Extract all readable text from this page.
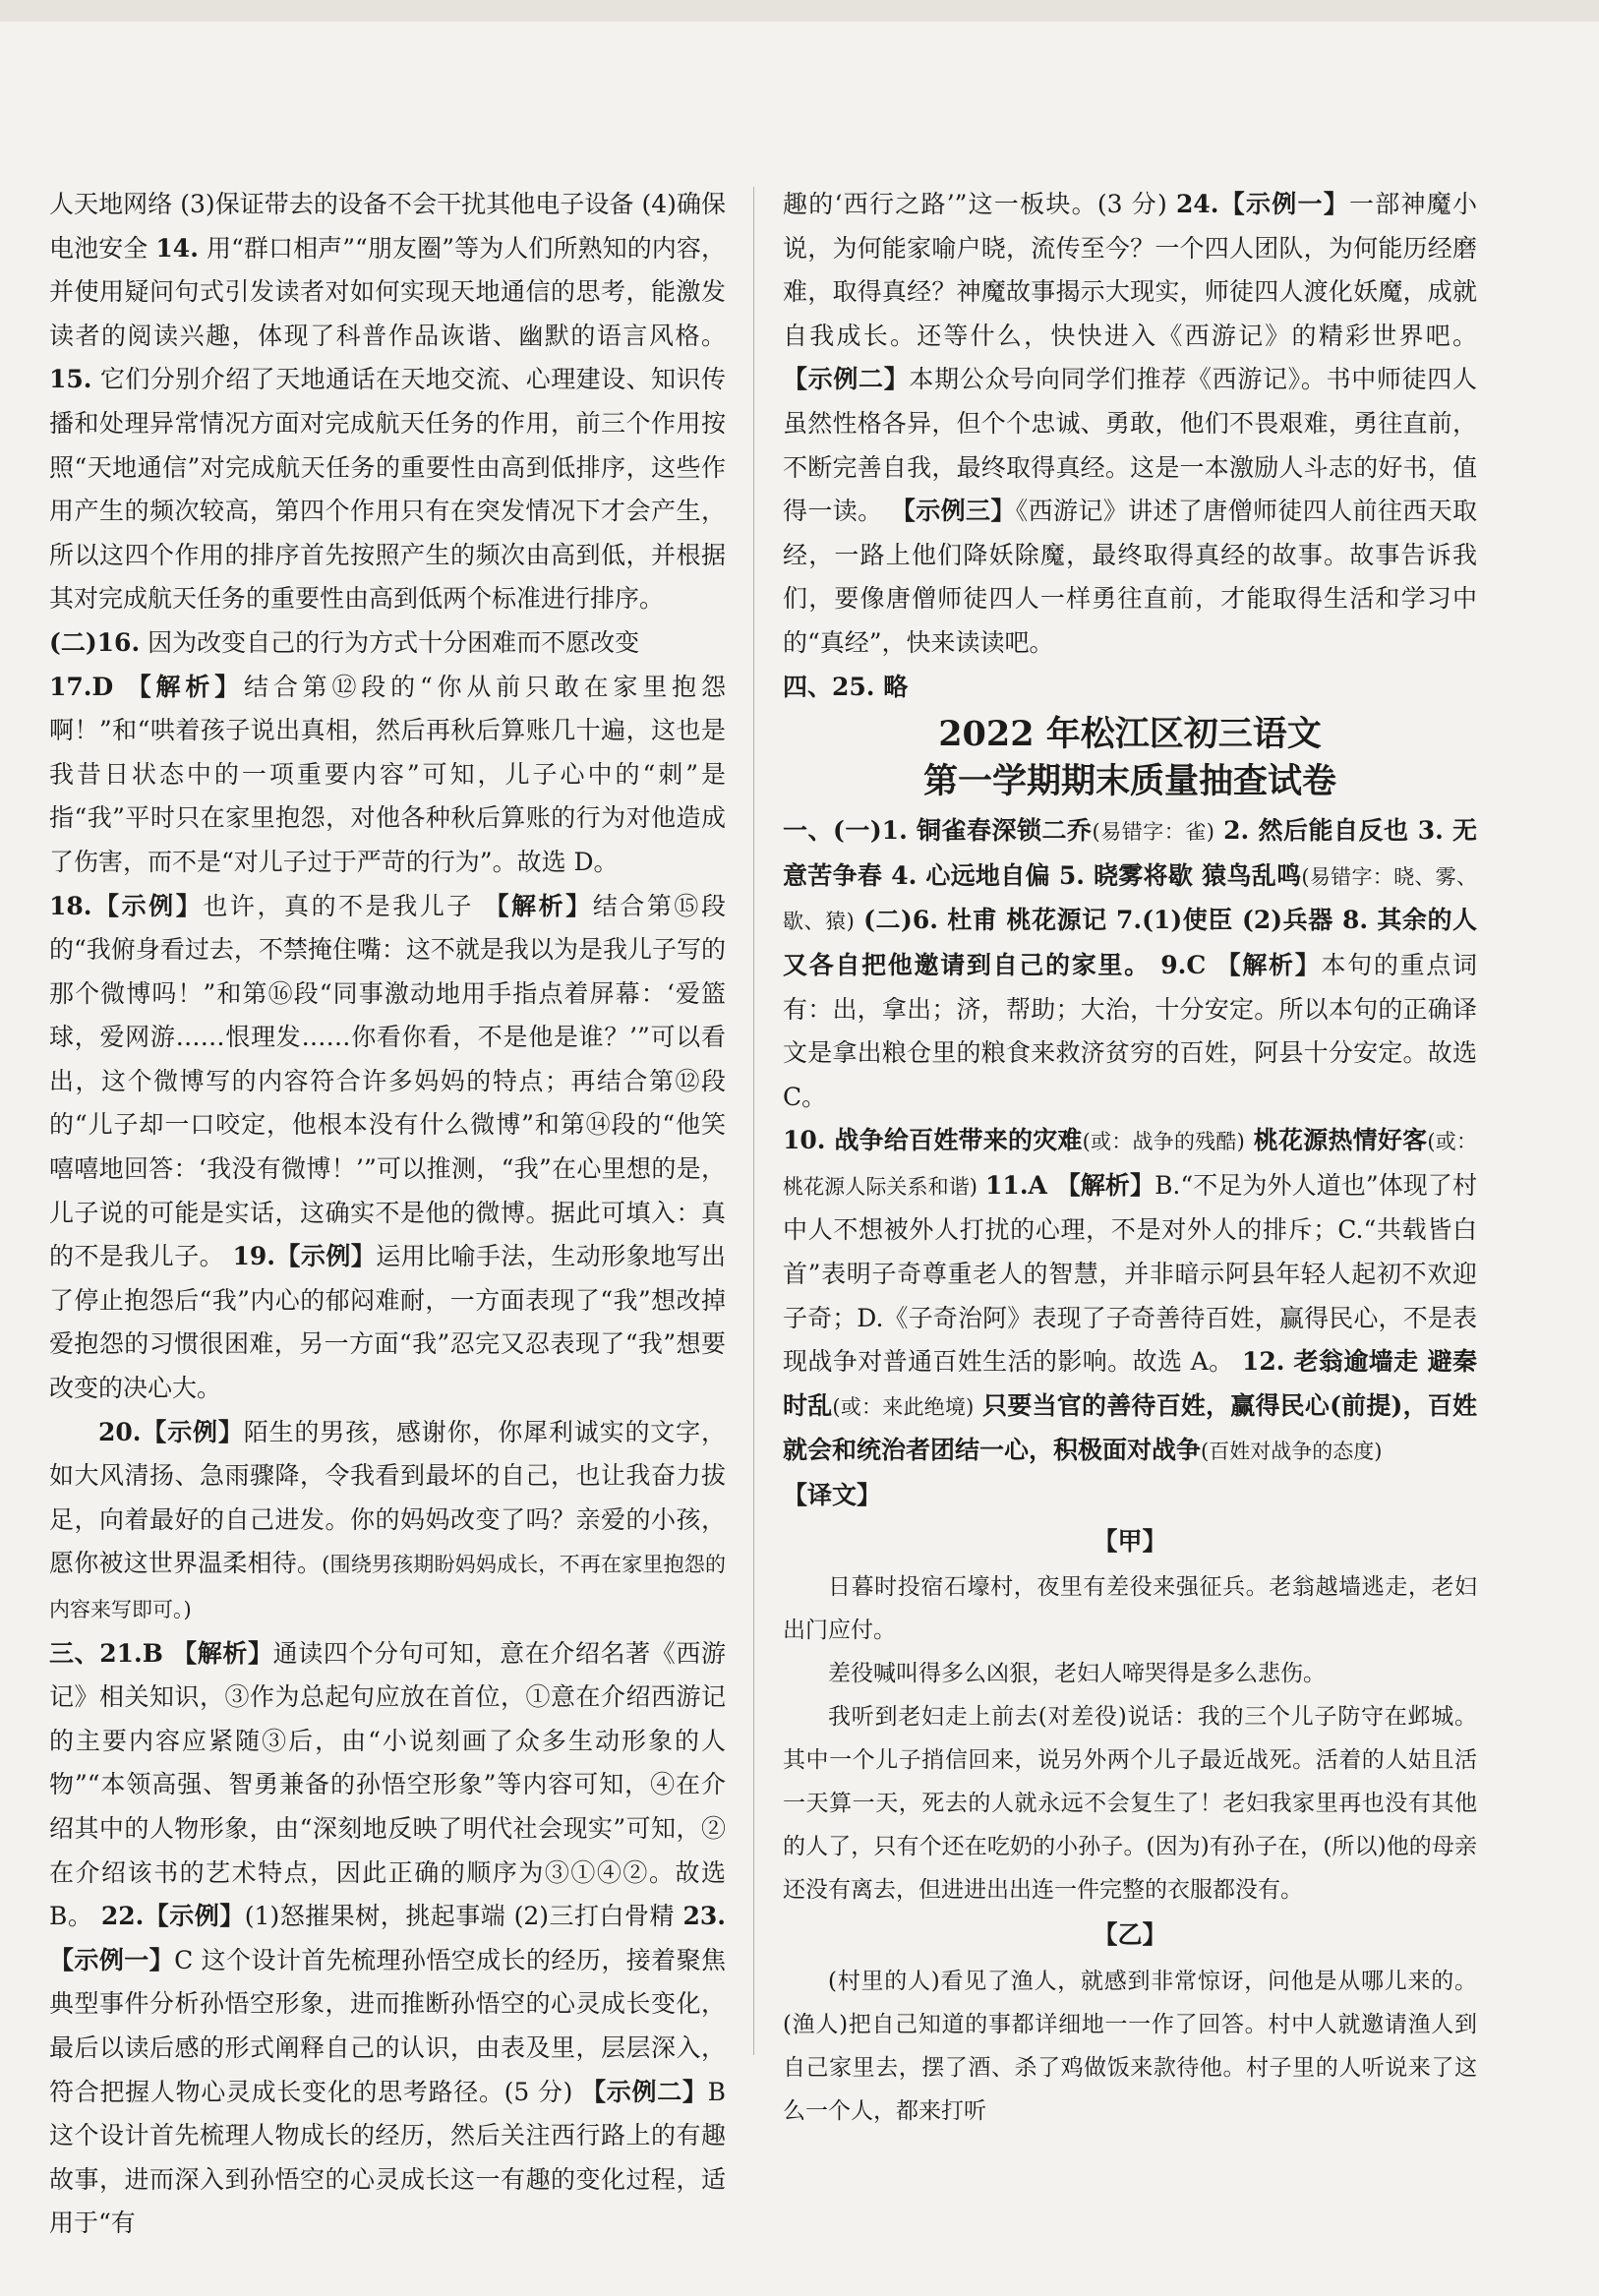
人天地网络 (3)保证带去的设备不会干扰其他电子设备 (4)确保电池安全 14. 用“群口相声”“朋友圈”等为人们所熟知的内容，并使用疑问句式引发读者对如何实现天地通信的思考，能激发读者的阅读兴趣，体现了科普作品诙谐、幽默的语言风格。 15. 它们分别介绍了天地通话在天地交流、心理建设、知识传播和处理异常情况方面对完成航天任务的作用，前三个作用按照“天地通信”对完成航天任务的重要性由高到低排序，这些作用产生的频次较高，第四个作用只有在突发情况下才会产生，所以这四个作用的排序首先按照产生的频次由高到低，并根据其对完成航天任务的重要性由高到低两个标准进行排序。

(二)16. 因为改变自己的行为方式十分困难而不愿改变

17.D 【解析】结合第⑫段的“你从前只敢在家里抱怨啊！”和“哄着孩子说出真相，然后再秋后算账几十遍，这也是我昔日状态中的一项重要内容”可知，儿子心中的“刺”是指“我”平时只在家里抱怨，对他各种秋后算账的行为对他造成了伤害，而不是“对儿子过于严苛的行为”。故选 D。

18.【示例】也许，真的不是我儿子 【解析】结合第⑮段的“我俯身看过去，不禁掩住嘴：这不就是我以为是我儿子写的那个微博吗！”和第⑯段“同事激动地用手指点着屏幕：‘爱篮球，爱网游……恨理发……你看你看，不是他是谁？’”可以看出，这个微博写的内容符合许多妈妈的特点；再结合第⑫段的“儿子却一口咬定，他根本没有什么微博”和第⑭段的“他笑嘻嘻地回答：‘我没有微博！’”可以推测，“我”在心里想的是，儿子说的可能是实话，这确实不是他的微博。据此可填入：真的不是我儿子。 19.【示例】运用比喻手法，生动形象地写出了停止抱怨后“我”内心的郁闷难耐，一方面表现了“我”想改掉爱抱怨的习惯很困难，另一方面“我”忍完又忍表现了“我”想要改变的决心大。

20.【示例】陌生的男孩，感谢你，你犀利诚实的文字，如大风清扬、急雨骤降，令我看到最坏的自己，也让我奋力拔足，向着最好的自己进发。你的妈妈改变了吗？亲爱的小孩，愿你被这世界温柔相待。(围绕男孩期盼妈妈成长，不再在家里抱怨的内容来写即可。)

三、21.B 【解析】通读四个分句可知，意在介绍名著《西游记》相关知识，③作为总起句应放在首位，①意在介绍西游记的主要内容应紧随③后，由“小说刻画了众多生动形象的人物”“本领高强、智勇兼备的孙悟空形象”等内容可知，④在介绍其中的人物形象，由“深刻地反映了明代社会现实”可知，②在介绍该书的艺术特点，因此正确的顺序为③①④②。故选 B。 22.【示例】(1)怒摧果树，挑起事端 (2)三打白骨精 23.【示例一】C 这个设计首先梳理孙悟空成长的经历，接着聚焦典型事件分析孙悟空形象，进而推断孙悟空的心灵成长变化，最后以读后感的形式阐释自己的认识，由表及里，层层深入，符合把握人物心灵成长变化的思考路径。(5 分) 【示例二】B 这个设计首先梳理人物成长的经历，然后关注西行路上的有趣故事，进而深入到孙悟空的心灵成长这一有趣的变化过程，适用于“有

趣的‘西行之路’”这一板块。(3 分) 24.【示例一】一部神魔小说，为何能家喻户晓，流传至今？一个四人团队，为何能历经磨难，取得真经？神魔故事揭示大现实，师徒四人渡化妖魔，成就自我成长。还等什么，快快进入《西游记》的精彩世界吧。 【示例二】本期公众号向同学们推荐《西游记》。书中师徒四人虽然性格各异，但个个忠诚、勇敢，他们不畏艰难，勇往直前，不断完善自我，最终取得真经。这是一本激励人斗志的好书，值得一读。 【示例三】《西游记》讲述了唐僧师徒四人前往西天取经，一路上他们降妖除魔，最终取得真经的故事。故事告诉我们，要像唐僧师徒四人一样勇往直前，才能取得生活和学习中的“真经”，快来读读吧。

四、25. 略

2022 年松江区初三语文
第一学期期末质量抽查试卷

一、(一)1. 铜雀春深锁二乔(易错字：雀) 2. 然后能自反也 3. 无意苦争春 4. 心远地自偏 5. 晓雾将歇 猿鸟乱鸣(易错字：晓、雾、歇、猿) (二)6. 杜甫 桃花源记 7.(1)使臣 (2)兵器 8. 其余的人又各自把他邀请到自己的家里。 9.C 【解析】本句的重点词有：出，拿出；济，帮助；大治，十分安定。所以本句的正确译文是拿出粮仓里的粮食来救济贫穷的百姓，阿县十分安定。故选 C。

10. 战争给百姓带来的灾难(或：战争的残酷) 桃花源热情好客(或：桃花源人际关系和谐) 11.A 【解析】B.“不足为外人道也”体现了村中人不想被外人打扰的心理，不是对外人的排斥；C.“共载皆白首”表明子奇尊重老人的智慧，并非暗示阿县年轻人起初不欢迎子奇；D.《子奇治阿》表现了子奇善待百姓，赢得民心，不是表现战争对普通百姓生活的影响。故选 A。 12. 老翁逾墙走 避秦时乱(或：来此绝境) 只要当官的善待百姓，赢得民心(前提)，百姓就会和统治者团结一心，积极面对战争(百姓对战争的态度)

【译文】

【甲】

日暮时投宿石壕村，夜里有差役来强征兵。老翁越墙逃走，老妇出门应付。

差役喊叫得多么凶狠，老妇人啼哭得是多么悲伤。

我听到老妇走上前去(对差役)说话：我的三个儿子防守在邺城。其中一个儿子捎信回来，说另外两个儿子最近战死。活着的人姑且活一天算一天，死去的人就永远不会复生了！老妇我家里再也没有其他的人了，只有个还在吃奶的小孙子。(因为)有孙子在，(所以)他的母亲还没有离去，但进进出出连一件完整的衣服都没有。

【乙】

(村里的人)看见了渔人，就感到非常惊讶，问他是从哪儿来的。(渔人)把自己知道的事都详细地一一作了回答。村中人就邀请渔人到自己家里去，摆了酒、杀了鸡做饭来款待他。村子里的人听说来了这么一个人，都来打听
